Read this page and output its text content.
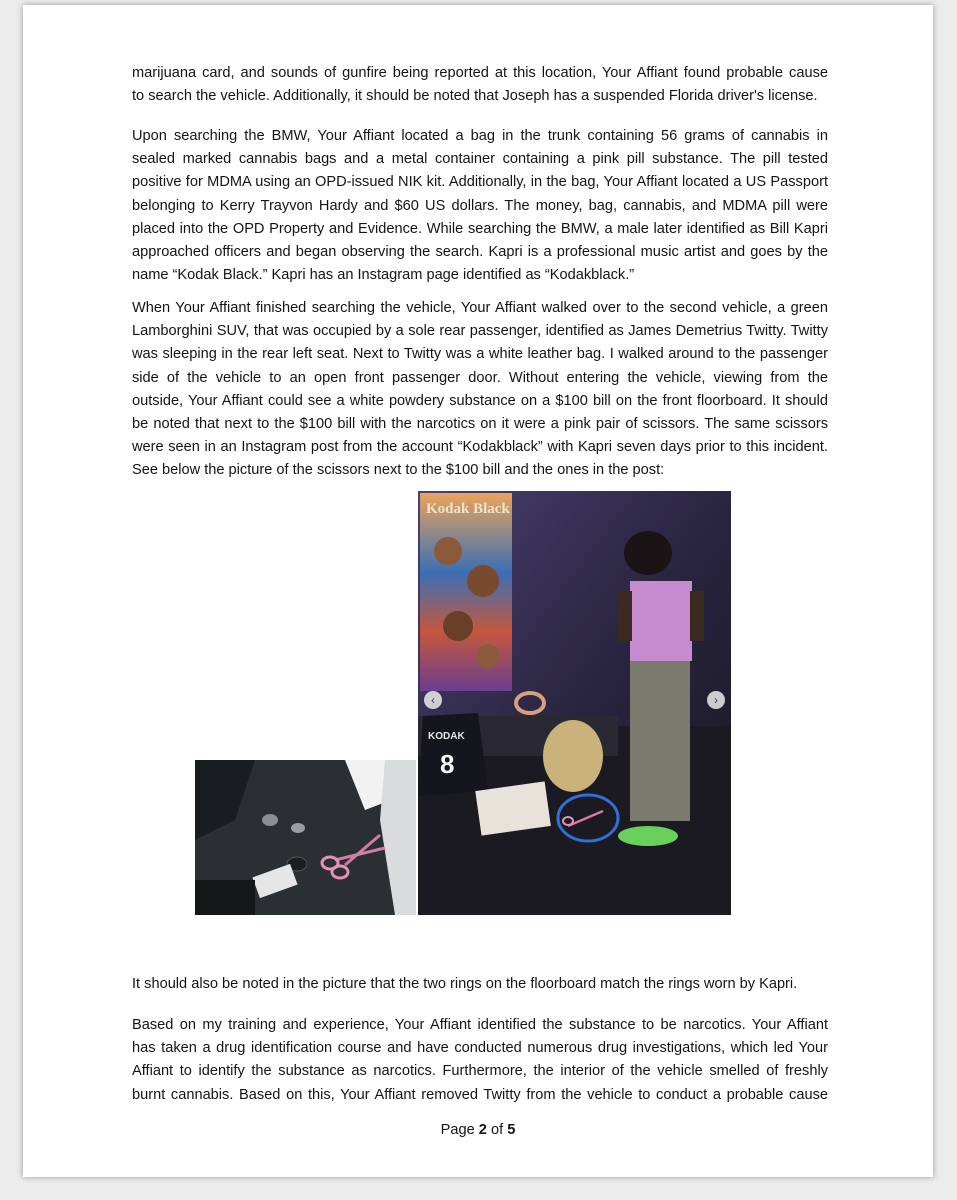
marijuana card, and sounds of gunfire being reported at this location, Your Affiant found probable cause
to search the vehicle. Additionally, it should be noted that Joseph has a suspended Florida driver's license.

Upon searching the BMW, Your Affiant located a bag in the trunk containing 56 grams of cannabis in
sealed marked cannabis bags and a metal container containing a pink pill substance. The pill tested
positive for MDMA using an OPD-issued NIK kit. Additionally, in the bag, Your Affiant located a US Passport
belonging to Kerry Trayvon Hardy and $60 US dollars. The money, bag, cannabis, and MDMA pill were
placed into the OPD Property and Evidence. While searching the BMW, a male later identified as Bill Kapri
approached officers and began observing the search. Kapri is a professional music artist and goes by the
name “Kodak Black.” Kapri has an Instagram page identified as “Kodakblack.”

When Your Affiant finished searching the vehicle, Your Affiant walked over to the second vehicle, a green
Lamborghini SUV, that was occupied by a sole rear passenger, identified as James Demetrius Twitty. Twitty
was sleeping in the rear left seat. Next to Twitty was a white leather bag. I walked around to the passenger
side of the vehicle to an open front passenger door. Without entering the vehicle, viewing from the
outside, Your Affiant could see a white powdery substance on a $100 bill on the front floorboard. It should
be noted that next to the $100 bill with the narcotics on it were a pink pair of scissors. The same scissors
were seen in an Instagram post from the account “Kodakblack” with Kapri seven days prior to this incident.
See below the picture of the scissors next to the $100 bill and the ones in the post:

Kodak Black
KODAK
8
‹	›

It should also be noted in the picture that the two rings on the floorboard match the rings worn by Kapri.

Based on my training and experience, Your Affiant identified the substance to be narcotics. Your Affiant
has taken a drug identification course and have conducted numerous drug investigations, which led Your
Affiant to identify the substance as narcotics. Furthermore, the interior of the vehicle smelled of freshly
burnt cannabis. Based on this, Your Affiant removed Twitty from the vehicle to conduct a probable cause

Page 2 of 5
